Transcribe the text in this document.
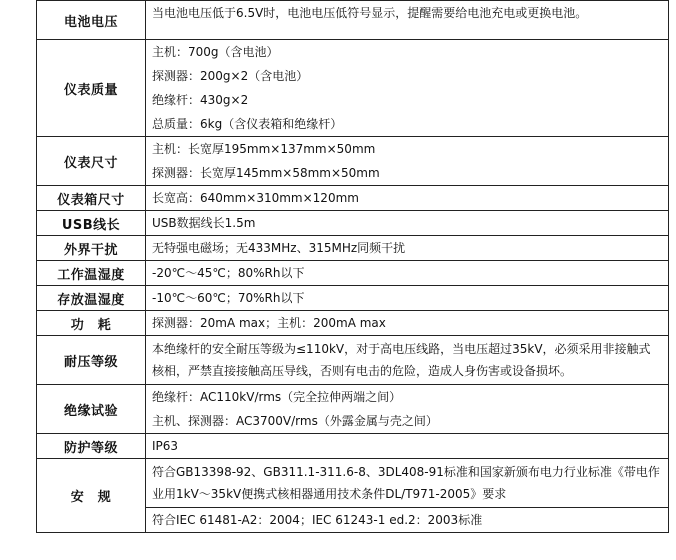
电池电压	当电池电压低于6.5V时，电池电压低符号显示，提醒需要给电池充电或更换电池。

仪表质量	主机：700g（含电池）
探测器：200g×2（含电池）
绝缘杆：430g×2
总质量：6kg（含仪表箱和绝缘杆）

仪表尺寸	主机：长宽厚195mm×137mm×50mm
探测器：长宽厚145mm×58mm×50mm

仪表箱尺寸	长宽高：640mm×310mm×120mm

USB线长	USB数据线长1.5m

外界干扰	无特强电磁场；无433MHz、315MHz同频干扰

工作温湿度	-20℃～45℃；80%Rh以下

存放温湿度	-10℃～60℃；70%Rh以下

功　耗	探测器：20mA max；主机：200mA max

耐压等级	本绝缘杆的安全耐压等级为≤110kV，对于高电压线路，当电压超过35kV，必须采用非接触式核相，严禁直接接触高压导线，否则有电击的危险，造成人身伤害或设备损坏。

绝缘试验	绝缘杆：AC110kV/rms（完全拉伸两端之间）
主机、探测器：AC3700V/rms（外露金属与壳之间）

防护等级	IP63

安　规	符合GB13398-92、GB311.1-311.6-8、3DL408-91标准和国家新颁布电力行业标准《带电作业用1kV～35kV便携式核相器通用技术条件DL/T971-2005》要求
符合IEC 61481-A2：2004；IEC 61243-1 ed.2：2003标准
